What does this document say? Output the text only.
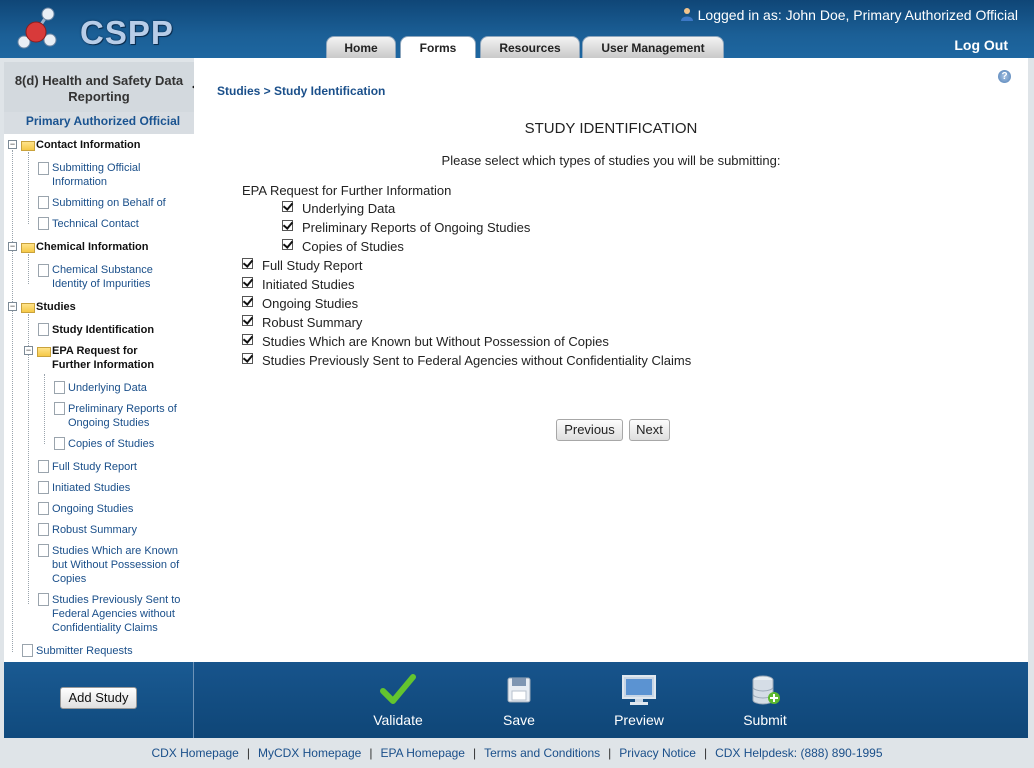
CSPP	Logged in as: John Doe, Primary Authorized Official
Home	Forms	Resources	User Management	Log Out
8(d) Health and Safety Data Reporting
Primary Authorized Official
− Contact Information
Submitting Official Information
Submitting on Behalf of
Technical Contact
− Chemical Information
Chemical Substance Identity of Impurities
− Studies
Study Identification
− EPA Request for Further Information
Underlying Data
Preliminary Reports of Ongoing Studies
Copies of Studies
Full Study Report
Initiated Studies
Ongoing Studies
Robust Summary
Studies Which are Known but Without Possession of Copies
Studies Previously Sent to Federal Agencies without Confidentiality Claims
Submitter Requests
Studies > Study Identification
?
STUDY IDENTIFICATION
Please select which types of studies you will be submitting:
EPA Request for Further Information
Underlying Data
Preliminary Reports of Ongoing Studies
Copies of Studies
Full Study Report
Initiated Studies
Ongoing Studies
Robust Summary
Studies Which are Known but Without Possession of Copies
Studies Previously Sent to Federal Agencies without Confidentiality Claims
Previous	Next
Add Study
Validate	Save	Preview	Submit
CDX Homepage | MyCDX Homepage | EPA Homepage | Terms and Conditions | Privacy Notice | CDX Helpdesk: (888) 890-1995
